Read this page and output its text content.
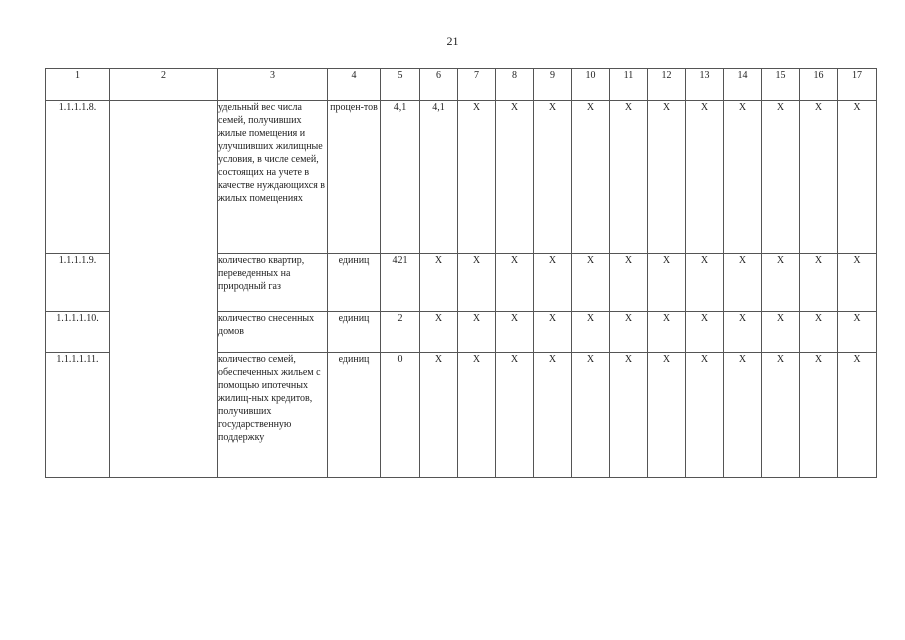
21
1	2	3	4	5	6	7	8	9	10	11	12	13	14	15	16	17
1.1.1.1.8.		удельный вес числа семей, получивших жилые помещения и улучшивших жилищные условия, в числе семей, состоящих на учете в качестве нуждающихся в жилых помещениях	процен-тов	4,1	4,1	X	X	X	X	X	X	X	X	X	X	X
1.1.1.1.9.		количество квартир, переведенных на природный газ	единиц	421	X	X	X	X	X	X	X	X	X	X	X	X
1.1.1.1.10.		количество снесенных домов	единиц	2	X	X	X	X	X	X	X	X	X	X	X	X
1.1.1.1.11.		количество семей, обеспеченных жильем с помощью ипотечных жилищ-ных кредитов, получивших государственную поддержку	единиц	0	X	X	X	X	X	X	X	X	X	X	X	X
